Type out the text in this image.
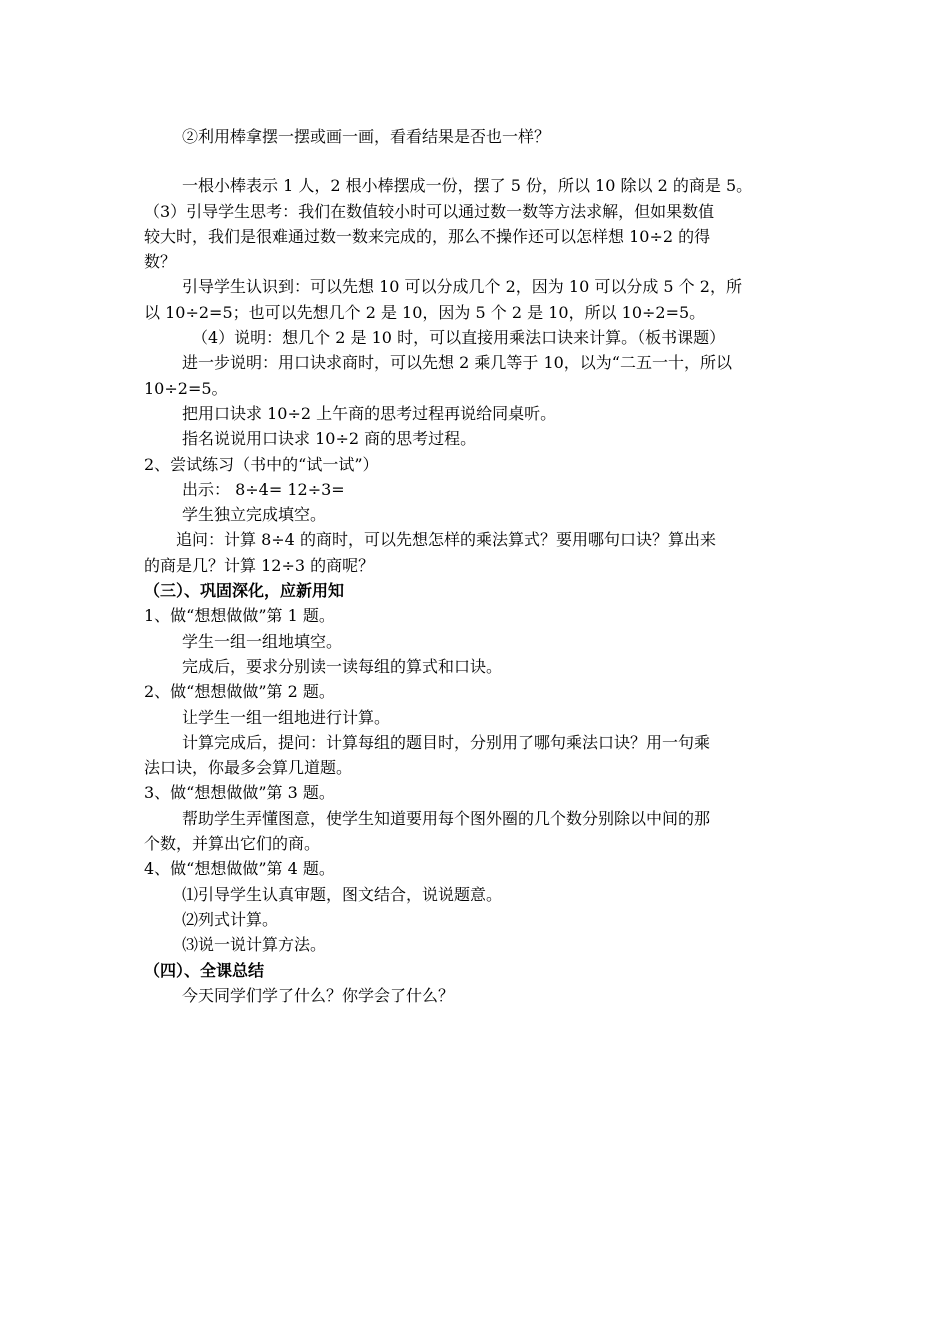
②利用棒拿摆一摆或画一画，看看结果是否也一样？
一根小棒表示 1 人，2 根小棒摆成一份，摆了 5 份，所以 10 除以 2 的商是 5。
（3）引导学生思考：我们在数值较小时可以通过数一数等方法求解，但如果数值
较大时，我们是很难通过数一数来完成的，那么不操作还可以怎样想 10÷2 的得
数？
引导学生认识到：可以先想 10 可以分成几个 2，因为 10 可以分成 5 个 2，所
以 10÷2=5；也可以先想几个 2 是 10，因为 5 个 2 是 10，所以 10÷2=5。
（4）说明：想几个 2 是 10 时，可以直接用乘法口诀来计算。（板书课题）
进一步说明：用口诀求商时，可以先想 2 乘几等于 10，以为“二五一十，所以
10÷2=5。
把用口诀求 10÷2 上午商的思考过程再说给同桌听。
指名说说用口诀求 10÷2 商的思考过程。
2、尝试练习（书中的“试一试”）
出示： 8÷4= 12÷3=
学生独立完成填空。
追问：计算 8÷4 的商时，可以先想怎样的乘法算式？要用哪句口诀？算出来
的商是几？计算 12÷3 的商呢？
（三）、巩固深化，应新用知
1、做“想想做做”第 1 题。
学生一组一组地填空。
完成后，要求分别读一读每组的算式和口诀。
2、做“想想做做”第 2 题。
让学生一组一组地进行计算。
计算完成后，提问：计算每组的题目时，分别用了哪句乘法口诀？用一句乘
法口诀，你最多会算几道题。
3、做“想想做做”第 3 题。
帮助学生弄懂图意，使学生知道要用每个图外圈的几个数分别除以中间的那
个数，并算出它们的商。
4、做“想想做做”第 4 题。
⑴引导学生认真审题，图文结合，说说题意。
⑵列式计算。
⑶说一说计算方法。
（四）、全课总结
今天同学们学了什么？你学会了什么？
